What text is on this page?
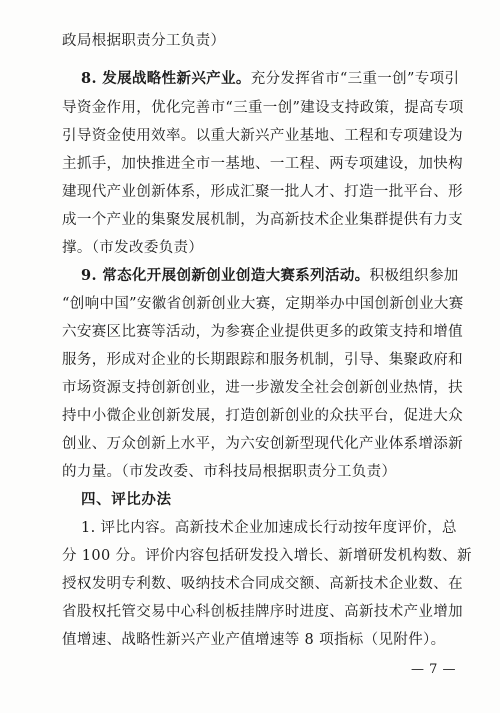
政局根据职责分工负责）
8. 发展战略性新兴产业。充分发挥省市“三重一创”专项引
导资金作用，优化完善市“三重一创”建设支持政策，提高专项
引导资金使用效率。以重大新兴产业基地、工程和专项建设为
主抓手，加快推进全市一基地、一工程、两专项建设，加快构
建现代产业创新体系，形成汇聚一批人才、打造一批平台、形
成一个产业的集聚发展机制，为高新技术企业集群提供有力支
撑。（市发改委负责）
9. 常态化开展创新创业创造大赛系列活动。积极组织参加
“创响中国”安徽省创新创业大赛，定期举办中国创新创业大赛
六安赛区比赛等活动，为参赛企业提供更多的政策支持和增值
服务，形成对企业的长期跟踪和服务机制，引导、集聚政府和
市场资源支持创新创业，进一步激发全社会创新创业热情，扶
持中小微企业创新发展，打造创新创业的众扶平台，促进大众
创业、万众创新上水平，为六安创新型现代化产业体系增添新
的力量。（市发改委、市科技局根据职责分工负责）
四、评比办法
1. 评比内容。高新技术企业加速成长行动按年度评价，总
分 100 分。评价内容包括研发投入增长、新增研发机构数、新
授权发明专利数、吸纳技术合同成交额、高新技术企业数、在
省股权托管交易中心科创板挂牌序时进度、高新技术产业增加
值增速、战略性新兴产业产值增速等 8 项指标（见附件）。
— 7 —
